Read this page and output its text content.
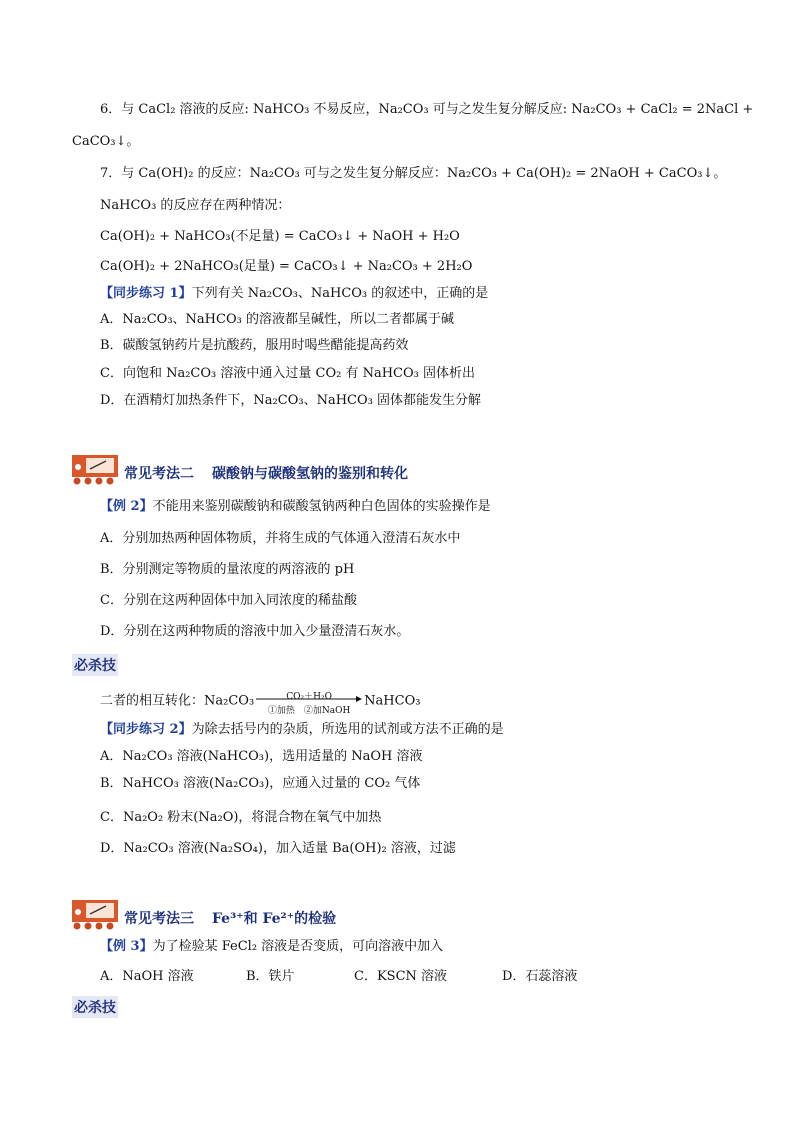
6．与 CaCl₂ 溶液的反应: NaHCO₃ 不易反应，Na₂CO₃ 可与之发生复分解反应: Na₂CO₃ + CaCl₂ = 2NaCl +
CaCO₃↓。
7．与 Ca(OH)₂ 的反应：Na₂CO₃ 可与之发生复分解反应：Na₂CO₃ + Ca(OH)₂ = 2NaOH + CaCO₃↓。
NaHCO₃ 的反应存在两种情况：
Ca(OH)₂ + NaHCO₃(不足量) = CaCO₃↓ + NaOH + H₂O
Ca(OH)₂ + 2NaHCO₃(足量) = CaCO₃↓ + Na₂CO₃ + 2H₂O
【同步练习 1】下列有关 Na₂CO₃、NaHCO₃ 的叙述中，正确的是
A．Na₂CO₃、NaHCO₃ 的溶液都呈碱性，所以二者都属于碱
B．碳酸氢钠药片是抗酸药，服用时喝些醋能提高药效
C．向饱和 Na₂CO₃ 溶液中通入过量 CO₂ 有 NaHCO₃ 固体析出
D．在酒精灯加热条件下，Na₂CO₃、NaHCO₃ 固体都能发生分解
常见考法二 碳酸钠与碳酸氢钠的鉴别和转化
【例 2】不能用来鉴别碳酸钠和碳酸氢钠两种白色固体的实验操作是
A．分别加热两种固体物质，并将生成的气体通入澄清石灰水中
B．分别测定等物质的量浓度的两溶液的 pH
C．分别在这两种固体中加入同浓度的稀盐酸
D．分别在这两种物质的溶液中加入少量澄清石灰水。
必杀技
二者的相互转化：Na₂CO₃	CO₂＋H₂O
①加热　②加NaOH
NaHCO₃
【同步练习 2】为除去括号内的杂质，所选用的试剂或方法不正确的是
A．Na₂CO₃ 溶液(NaHCO₃)，选用适量的 NaOH 溶液
B．NaHCO₃ 溶液(Na₂CO₃)，应通入过量的 CO₂ 气体
C．Na₂O₂ 粉末(Na₂O)，将混合物在氧气中加热
D．Na₂CO₃ 溶液(Na₂SO₄)，加入适量 Ba(OH)₂ 溶液，过滤
常见考法三 Fe³⁺和 Fe²⁺的检验
【例 3】为了检验某 FeCl₂ 溶液是否变质，可向溶液中加入
A．NaOH 溶液	B．铁片	C．KSCN 溶液	D．石蕊溶液
必杀技
